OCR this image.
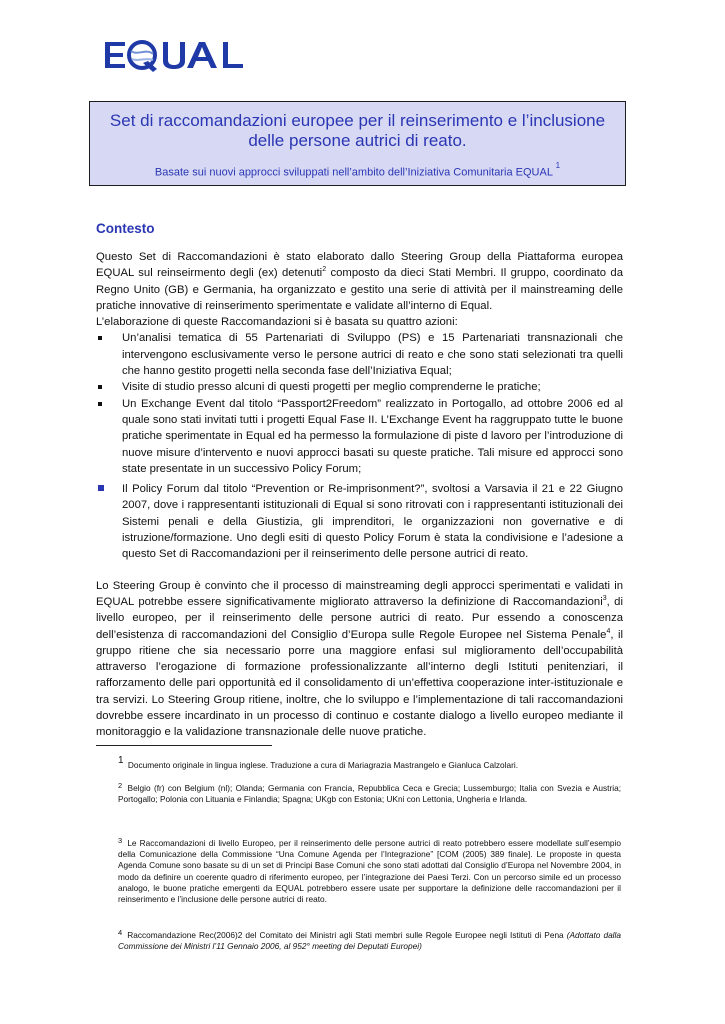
Set di raccomandazioni europee per il reinserimento e l’inclusione
delle persone autrici di reato.
Basate sui nuovi approcci sviluppati nell’ambito dell’Iniziativa Comunitaria EQUAL $^1$
Contesto

Questo Set di Raccomandazioni è stato elaborato dallo Steering Group della Piattaforma europea EQUAL sul reinseirmento degli (ex) detenuti$^2$ composto da dieci Stati Membri. Il gruppo, coordinato da Regno Unito (GB) e Germania, ha organizzato e gestito una serie di attività per il mainstreaming delle pratiche innovative di reinserimento sperimentate e validate all’interno di Equal.

L’elaborazione di queste Raccomandazioni si è basata su quattro azioni:

Un’analisi tematica di 55 Partenariati di Sviluppo (PS) e 15 Partenariati transnazionali che intervengono esclusivamente verso le persone autrici di reato e che sono stati selezionati tra quelli che hanno gestito progetti nella seconda fase dell’Iniziativa Equal;
Visite di studio presso alcuni di questi progetti per meglio comprenderne le pratiche;
Un Exchange Event dal titolo “Passport2Freedom” realizzato in Portogallo, ad ottobre 2006 ed al quale sono stati invitati tutti i progetti Equal Fase II. L’Exchange Event ha raggruppato tutte le buone pratiche sperimentate in Equal ed ha permesso la formulazione di piste d lavoro per l’introduzione di nuove misure d’intervento e nuovi approcci basati su queste pratiche. Tali misure ed approcci sono state presentate in un successivo Policy Forum;
Il Policy Forum dal titolo “Prevention or Re-imprisonment?”, svoltosi a Varsavia il 21 e 22 Giugno 2007, dove i rappresentanti istituzionali di Equal si sono ritrovati con i rappresentanti istituzionali dei Sistemi penali e della Giustizia, gli imprenditori, le organizzazioni non governative e di istruzione/formazione. Uno degli esiti di questo Policy Forum è stata la condivisione e l’adesione a questo Set di Raccomandazioni per il reinserimento delle persone autrici di reato.

Lo Steering Group è convinto che il processo di mainstreaming degli approcci sperimentati e validati in EQUAL potrebbe essere significativamente migliorato attraverso la definizione di Raccomandazioni$^3$, di livello europeo, per il reinserimento delle persone autrici di reato. Pur essendo a conoscenza dell’esistenza di raccomandazioni del Consiglio d’Europa sulle Regole Europee nel Sistema Penale$^4$, il gruppo ritiene che sia necessario porre una maggiore enfasi sul miglioramento dell’occupabilità attraverso l’erogazione di formazione professionalizzante all’interno degli Istituti penitenziari, il rafforzamento delle pari opportunità ed il consolidamento di un’effettiva cooperazione inter-istituzionale e tra servizi. Lo Steering Group ritiene, inoltre, che lo sviluppo e l’implementazione di tali raccomandazioni dovrebbe essere incardinato in un processo di continuo e costante dialogo a livello europeo mediante il monitoraggio e la validazione transnazionale delle nuove pratiche.

1 Documento originale in lingua inglese. Traduzione a cura di Mariagrazia Mastrangelo e Gianluca Calzolari.
2 Belgio (fr) con Belgium (nl); Olanda; Germania con Francia, Repubblica Ceca e Grecia; Lussemburgo; Italia con Svezia e Austria; Portogallo; Polonia con Lituania e Finlandia; Spagna; UKgb con Estonia; UKni con Lettonia, Ungheria e Irlanda.
3 Le Raccomandazioni di livello Europeo, per il reinserimento delle persone autrici di reato potrebbero essere modellate sull’esempio della Comunicazione della Commissione “Una Comune Agenda per l’Integrazione” [COM (2005) 389 finale]. Le proposte in questa Agenda Comune sono basate su di un set di Principi Base Comuni che sono stati adottati dal Consiglio d’Europa nel Novembre 2004, in modo da definire un coerente quadro di riferimento europeo, per l’integrazione dei Paesi Terzi. Con un percorso simile ed un processo analogo, le buone pratiche emergenti da EQUAL potrebbero essere usate per supportare la definizione delle raccomandazioni per il reinserimento e l’inclusione delle persone autrici di reato.
4 Raccomandazione Rec(2006)2 del Comitato dei Ministri agli Stati membri sulle Regole Europee negli Istituti di Pena (Adottato dalla Commissione dei Ministri l’11 Gennaio 2006, al 952° meeting dei Deputati Europei)
